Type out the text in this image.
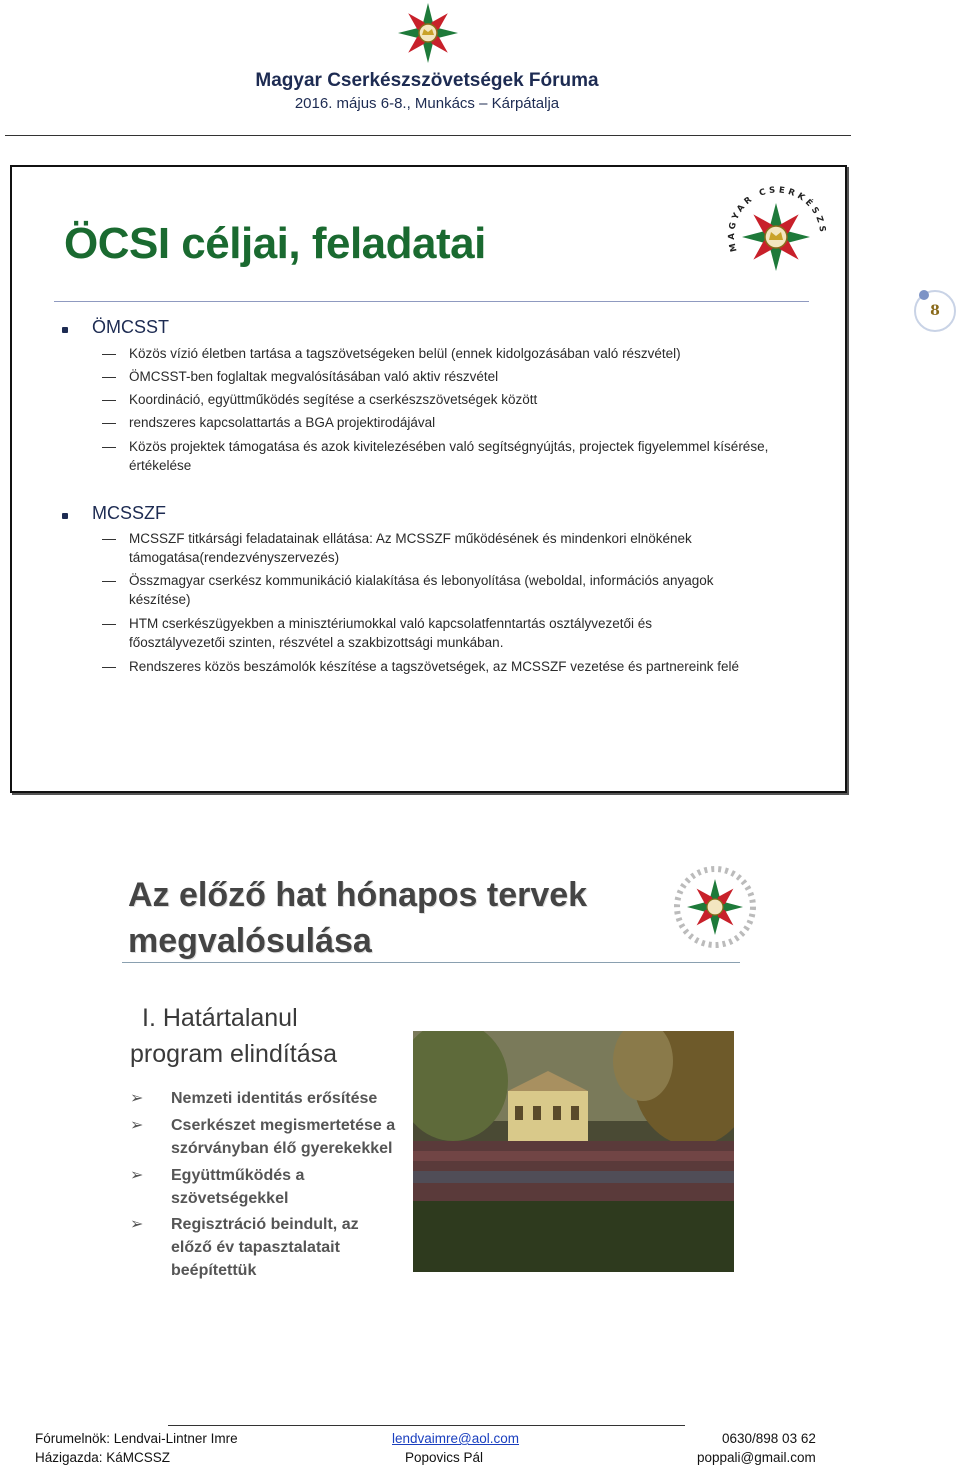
Magyar Cserkészszövetségek Fóruma
2016. május 6-8., Munkács – Kárpátalja
ÖCSI céljai, feladatai	MAGYAR CSERKÉSZS
ÖMCSST
Közös vízió életben tartása a tagszövetségeken belül (ennek kidolgozásában való részvétel)
ÖMCSST-ben foglaltak megvalósításában való aktiv részvétel
Koordináció, együttműködés segítése a cserkészszövetségek között
rendszeres kapcsolattartás a BGA projektirodájával
Közös projektek támogatása és azok kivitelezésében való segítségnyújtás, projectek figyelemmel kísérése, értékelése
MCSSZF
MCSSZF titkársági feladatainak ellátása: Az MCSSZF működésének és mindenkori elnökének támogatása(rendezvényszervezés)
Összmagyar cserkész kommunikáció kialakítása és lebonyolítása (weboldal, információs anyagok készítése)
HTM cserkészügyekben a minisztériumokkal való kapcsolatfenntartás osztályvezetői és főosztályvezetői szinten, részvétel a szakbizottsági munkában.
Rendszeres közös beszámolók készítése a tagszövetségek, az MCSSZF vezetése és partnereink felé
8
Az előző hat hónapos tervek
megvalósulása
I. Határtalanul
program elindítása
➢ Nemzeti identitás erősítése
➢ Cserkészet megismertetése a szórványban élő gyerekekkel
➢ Együttműködés a szövetségekkel
➢ Regisztráció beindult, az előző év tapasztalatait beépítettük
Fórumelnök: Lendvai-Lintner Imre	lendvaimre@aol.com	0630/898 03 62
Házigazda: KáMCSSZ	Popovics Pál	poppali@gmail.com
